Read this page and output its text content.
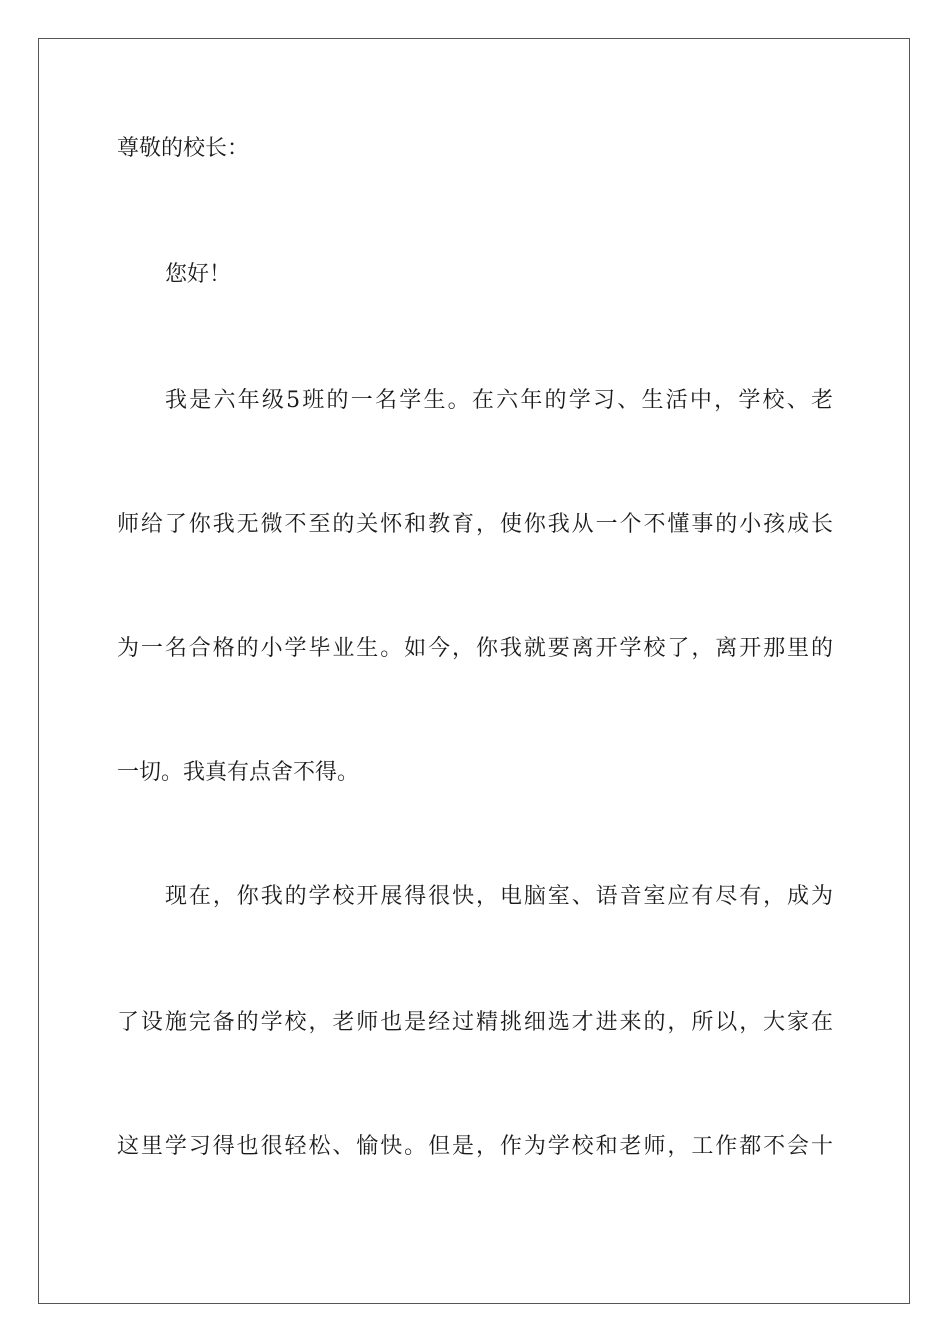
尊敬的校长：

您好！

我是六年级5班的一名学生。在六年的学习、生活中，学校、老

师给了你我无微不至的关怀和教育，使你我从一个不懂事的小孩成长

为一名合格的小学毕业生。如今，你我就要离开学校了，离开那里的

一切。我真有点舍不得。

现在，你我的学校开展得很快，电脑室、语音室应有尽有，成为

了设施完备的学校，老师也是经过精挑细选才进来的，所以，大家在

这里学习得也很轻松、愉快。但是，作为学校和老师，工作都不会十
